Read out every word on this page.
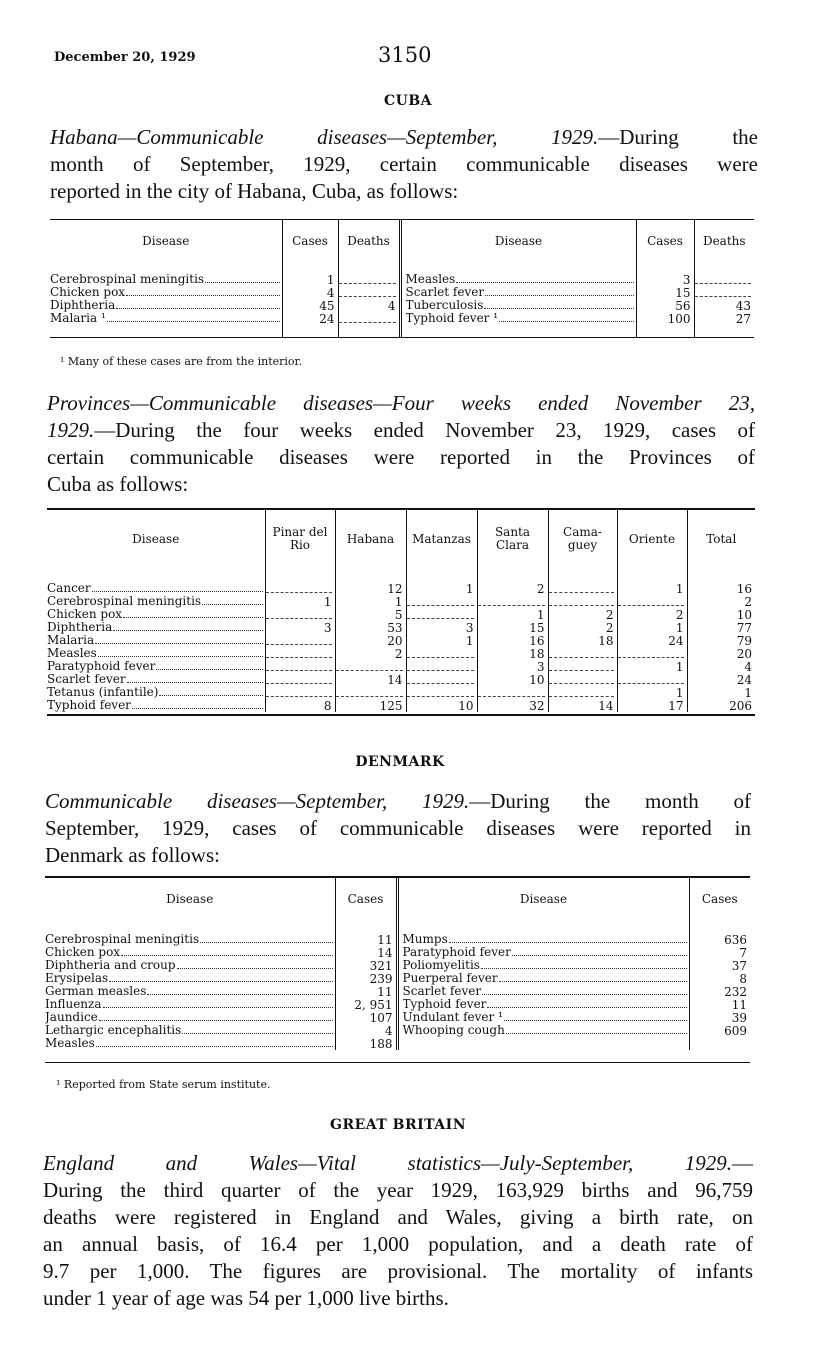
December 20, 1929	3150
CUBA
Habana—Communicable diseases—September, 1929.—During the
month of September, 1929, certain communicable diseases were
reported in the city of Habana, Cuba, as follows:
Disease	Cases	Deaths	Disease	Cases	Deaths

Cerebrospinal meningitis	1		Measles	3	

Chicken pox	4		Scarlet fever	15	

Diphtheria	45	4	Tuberculosis	56	43

Malaria ¹	24		Typhoid fever ¹	100	27

¹ Many of these cases are from the interior.
Provinces—Communicable diseases—Four weeks ended November 23,
1929.—During the four weeks ended November 23, 1929, cases of
certain communicable diseases were reported in the Provinces of
Cuba as follows:
Disease	Pinar del Rio	Habana	Matanzas	Santa Clara	Cama-guey	Oriente	Total

Cancer		12	1	2		1	16

Cerebrospinal meningitis	1	1					2

Chicken pox		5		1	2	2	10

Diphtheria	3	53	3	15	2	1	77

Malaria		20	1	16	18	24	79

Measles		2		18			20

Paratyphoid fever				3		1	4

Scarlet fever		14		10			24

Tetanus (infantile)						1	1

Typhoid fever	8	125	10	32	14	17	206
DENMARK
Communicable diseases—September, 1929.—During the month of
September, 1929, cases of communicable diseases were reported in
Denmark as follows:
Disease	Cases	Disease	Cases

Cerebrospinal meningitis	11	Mumps	636

Chicken pox	14	Paratyphoid fever	7

Diphtheria and croup	321	Poliomyelitis	37

Erysipelas	239	Puerperal fever	8

German measles	11	Scarlet fever	232

Influenza	2, 951	Typhoid fever	11

Jaundice	107	Undulant fever ¹	39

Lethargic encephalitis	4	Whooping cough	609

Measles	188		
¹ Reported from State serum institute.
GREAT BRITAIN
England and Wales—Vital statistics—July-September, 1929.—
During the third quarter of the year 1929, 163,929 births and 96,759
deaths were registered in England and Wales, giving a birth rate, on
an annual basis, of 16.4 per 1,000 population, and a death rate of
9.7 per 1,000. The figures are provisional. The mortality of infants
under 1 year of age was 54 per 1,000 live births.
